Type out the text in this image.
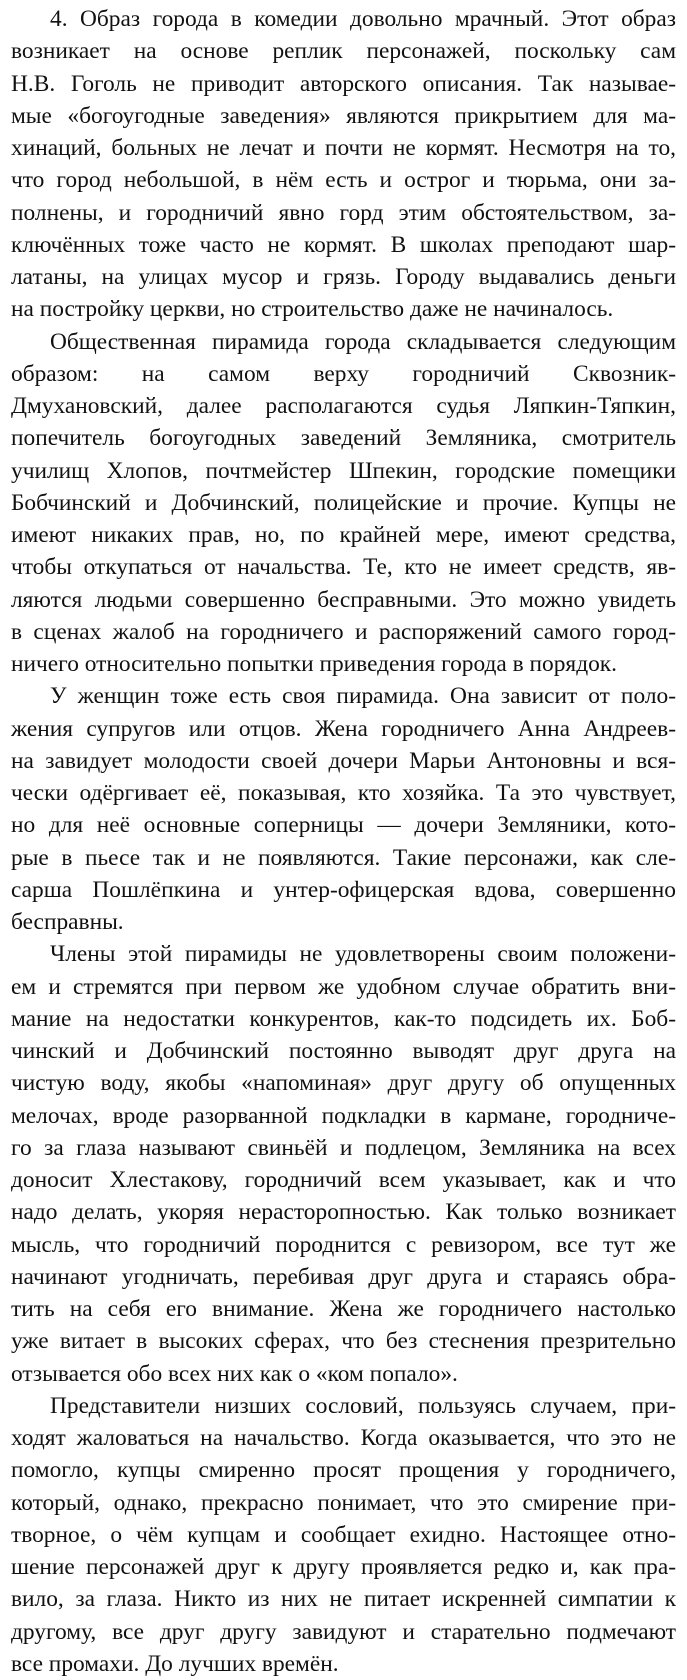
4. Образ города в комедии довольно мрачный. Этот образ
возникает на основе реплик персонажей, поскольку сам
Н.В. Гоголь не приводит авторского описания. Так называе-
мые «богоугодные заведения» являются прикрытием для ма-
хинаций, больных не лечат и почти не кормят. Несмотря на то,
что город небольшой, в нём есть и острог и тюрьма, они за-
полнены, и городничий явно горд этим обстоятельством, за-
ключённых тоже часто не кормят. В школах преподают шар-
латаны, на улицах мусор и грязь. Городу выдавались деньги
на постройку церкви, но строительство даже не начиналось.
Общественная пирамида города складывается следующим
образом: на самом верху городничий Сквозник-
Дмухановский, далее располагаются судья Ляпкин-Тяпкин,
попечитель богоугодных заведений Земляника, смотритель
училищ Хлопов, почтмейстер Шпекин, городские помещики
Бобчинский и Добчинский, полицейские и прочие. Купцы не
имеют никаких прав, но, по крайней мере, имеют средства,
чтобы откупаться от начальства. Те, кто не имеет средств, яв-
ляются людьми совершенно бесправными. Это можно увидеть
в сценах жалоб на городничего и распоряжений самого город-
ничего относительно попытки приведения города в порядок.
У женщин тоже есть своя пирамида. Она зависит от поло-
жения супругов или отцов. Жена городничего Анна Андреев-
на завидует молодости своей дочери Марьи Антоновны и вся-
чески одёргивает её, показывая, кто хозяйка. Та это чувствует,
но для неё основные соперницы — дочери Земляники, кото-
рые в пьесе так и не появляются. Такие персонажи, как сле-
сарша Пошлёпкина и унтер-офицерская вдова, совершенно
бесправны.
Члены этой пирамиды не удовлетворены своим положени-
ем и стремятся при первом же удобном случае обратить вни-
мание на недостатки конкурентов, как-то подсидеть их. Боб-
чинский и Добчинский постоянно выводят друг друга на
чистую воду, якобы «напоминая» друг другу об опущенных
мелочах, вроде разорванной подкладки в кармане, городниче-
го за глаза называют свиньёй и подлецом, Земляника на всех
доносит Хлестакову, городничий всем указывает, как и что
надо делать, укоряя нерасторопностью. Как только возникает
мысль, что городничий породнится с ревизором, все тут же
начинают угодничать, перебивая друг друга и стараясь обра-
тить на себя его внимание. Жена же городничего настолько
уже витает в высоких сферах, что без стеснения презрительно
отзывается обо всех них как о «ком попало».
Представители низших сословий, пользуясь случаем, при-
ходят жаловаться на начальство. Когда оказывается, что это не
помогло, купцы смиренно просят прощения у городничего,
который, однако, прекрасно понимает, что это смирение при-
творное, о чём купцам и сообщает ехидно. Настоящее отно-
шение персонажей друг к другу проявляется редко и, как пра-
вило, за глаза. Никто из них не питает искренней симпатии к
другому, все друг другу завидуют и старательно подмечают
все промахи. До лучших времён.
